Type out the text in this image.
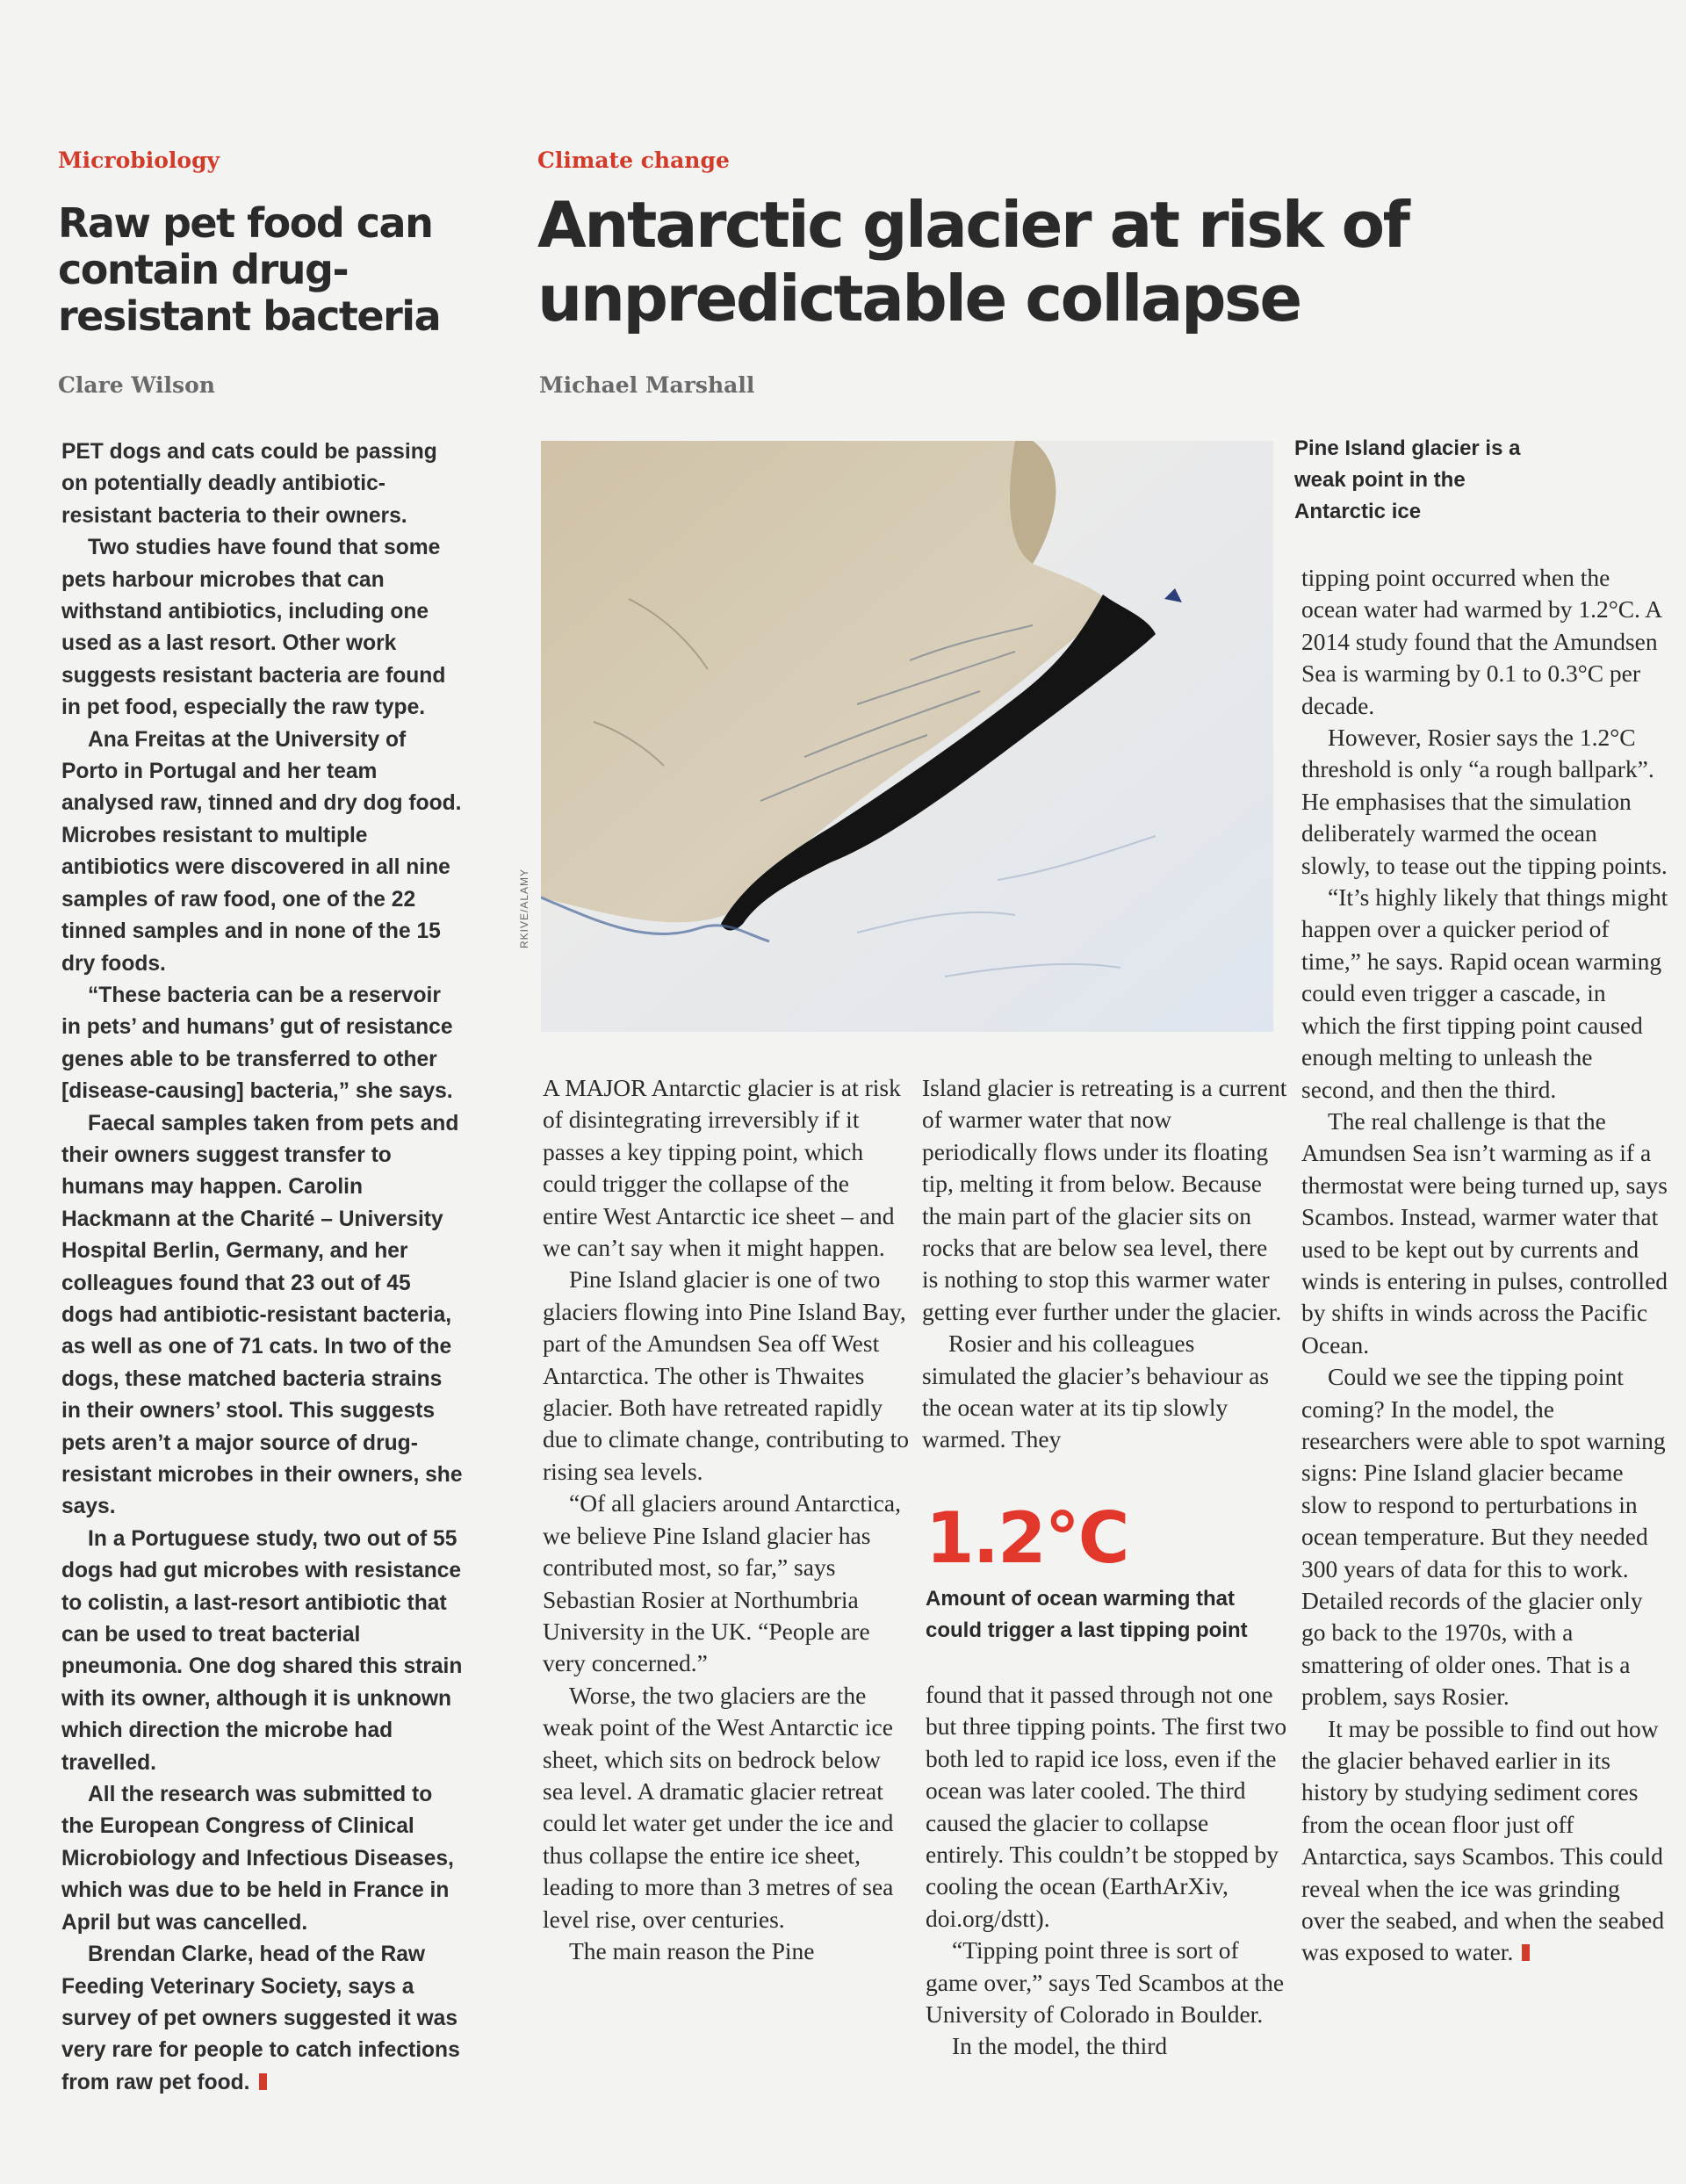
Microbiology
Raw pet food can contain drug-resistant bacteria
Clare Wilson

PET dogs and cats could be passing on potentially deadly antibiotic-resistant bacteria to their owners.

Two studies have found that some pets harbour microbes that can withstand antibiotics, including one used as a last resort. Other work suggests resistant bacteria are found in pet food, especially the raw type.

Ana Freitas at the University of Porto in Portugal and her team analysed raw, tinned and dry dog food. Microbes resistant to multiple antibiotics were discovered in all nine samples of raw food, one of the 22 tinned samples and in none of the 15 dry foods.

“These bacteria can be a reservoir in pets’ and humans’ gut of resistance genes able to be transferred to other [disease-causing] bacteria,” she says.

Faecal samples taken from pets and their owners suggest transfer to humans may happen. Carolin Hackmann at the Charité – University Hospital Berlin, Germany, and her colleagues found that 23 out of 45 dogs had antibiotic-resistant bacteria, as well as one of 71 cats. In two of the dogs, these matched bacteria strains in their owners’ stool. This suggests pets aren’t a major source of drug-resistant microbes in their owners, she says.

In a Portuguese study, two out of 55 dogs had gut microbes with resistance to colistin, a last-resort antibiotic that can be used to treat bacterial pneumonia. One dog shared this strain with its owner, although it is unknown which direction the microbe had travelled.

All the research was submitted to the European Congress of Clinical Microbiology and Infectious Diseases, which was due to be held in France in April but was cancelled.

Brendan Clarke, head of the Raw Feeding Veterinary Society, says a survey of pet owners suggested it was very rare for people to catch infections from raw pet food.

Climate change
Antarctic glacier at risk of unpredictable collapse
Michael Marshall
RKIVE/ALAMY

Pine Island glacier is a weak point in the Antarctic ice

A MAJOR Antarctic glacier is at risk of disintegrating irreversibly if it passes a key tipping point, which could trigger the collapse of the entire West Antarctic ice sheet – and we can’t say when it might happen.

Pine Island glacier is one of two glaciers flowing into Pine Island Bay, part of the Amundsen Sea off West Antarctica. The other is Thwaites glacier. Both have retreated rapidly due to climate change, contributing to rising sea levels.

“Of all glaciers around Antarctica, we believe Pine Island glacier has contributed most, so far,” says Sebastian Rosier at Northumbria University in the UK. “People are very concerned.”

Worse, the two glaciers are the weak point of the West Antarctic ice sheet, which sits on bedrock below sea level. A dramatic glacier retreat could let water get under the ice and thus collapse the entire ice sheet, leading to more than 3 metres of sea level rise, over centuries.

The main reason the Pine

Island glacier is retreating is a current of warmer water that now periodically flows under its floating tip, melting it from below. Because the main part of the glacier sits on rocks that are below sea level, there is nothing to stop this warmer water getting ever further under the glacier.

Rosier and his colleagues simulated the glacier’s behaviour as the ocean water at its tip slowly warmed. They

1.2°C

Amount of ocean warming that could trigger a last tipping point

found that it passed through not one but three tipping points. The first two both led to rapid ice loss, even if the ocean was later cooled. The third caused the glacier to collapse entirely. This couldn’t be stopped by cooling the ocean (EarthArXiv, doi.org/dstt).

“Tipping point three is sort of game over,” says Ted Scambos at the University of Colorado in Boulder.

In the model, the third

tipping point occurred when the ocean water had warmed by 1.2°C. A 2014 study found that the Amundsen Sea is warming by 0.1 to 0.3°C per decade.

However, Rosier says the 1.2°C threshold is only “a rough ballpark”. He emphasises that the simulation deliberately warmed the ocean slowly, to tease out the tipping points.

“It’s highly likely that things might happen over a quicker period of time,” he says. Rapid ocean warming could even trigger a cascade, in which the first tipping point caused enough melting to unleash the second, and then the third.

The real challenge is that the Amundsen Sea isn’t warming as if a thermostat were being turned up, says Scambos. Instead, warmer water that used to be kept out by currents and winds is entering in pulses, controlled by shifts in winds across the Pacific Ocean.

Could we see the tipping point coming? In the model, the researchers were able to spot warning signs: Pine Island glacier became slow to respond to perturbations in ocean temperature. But they needed 300 years of data for this to work. Detailed records of the glacier only go back to the 1970s, with a smattering of older ones. That is a problem, says Rosier.

It may be possible to find out how the glacier behaved earlier in its history by studying sediment cores from the ocean floor just off Antarctica, says Scambos. This could reveal when the ice was grinding over the seabed, and when the seabed was exposed to water.
